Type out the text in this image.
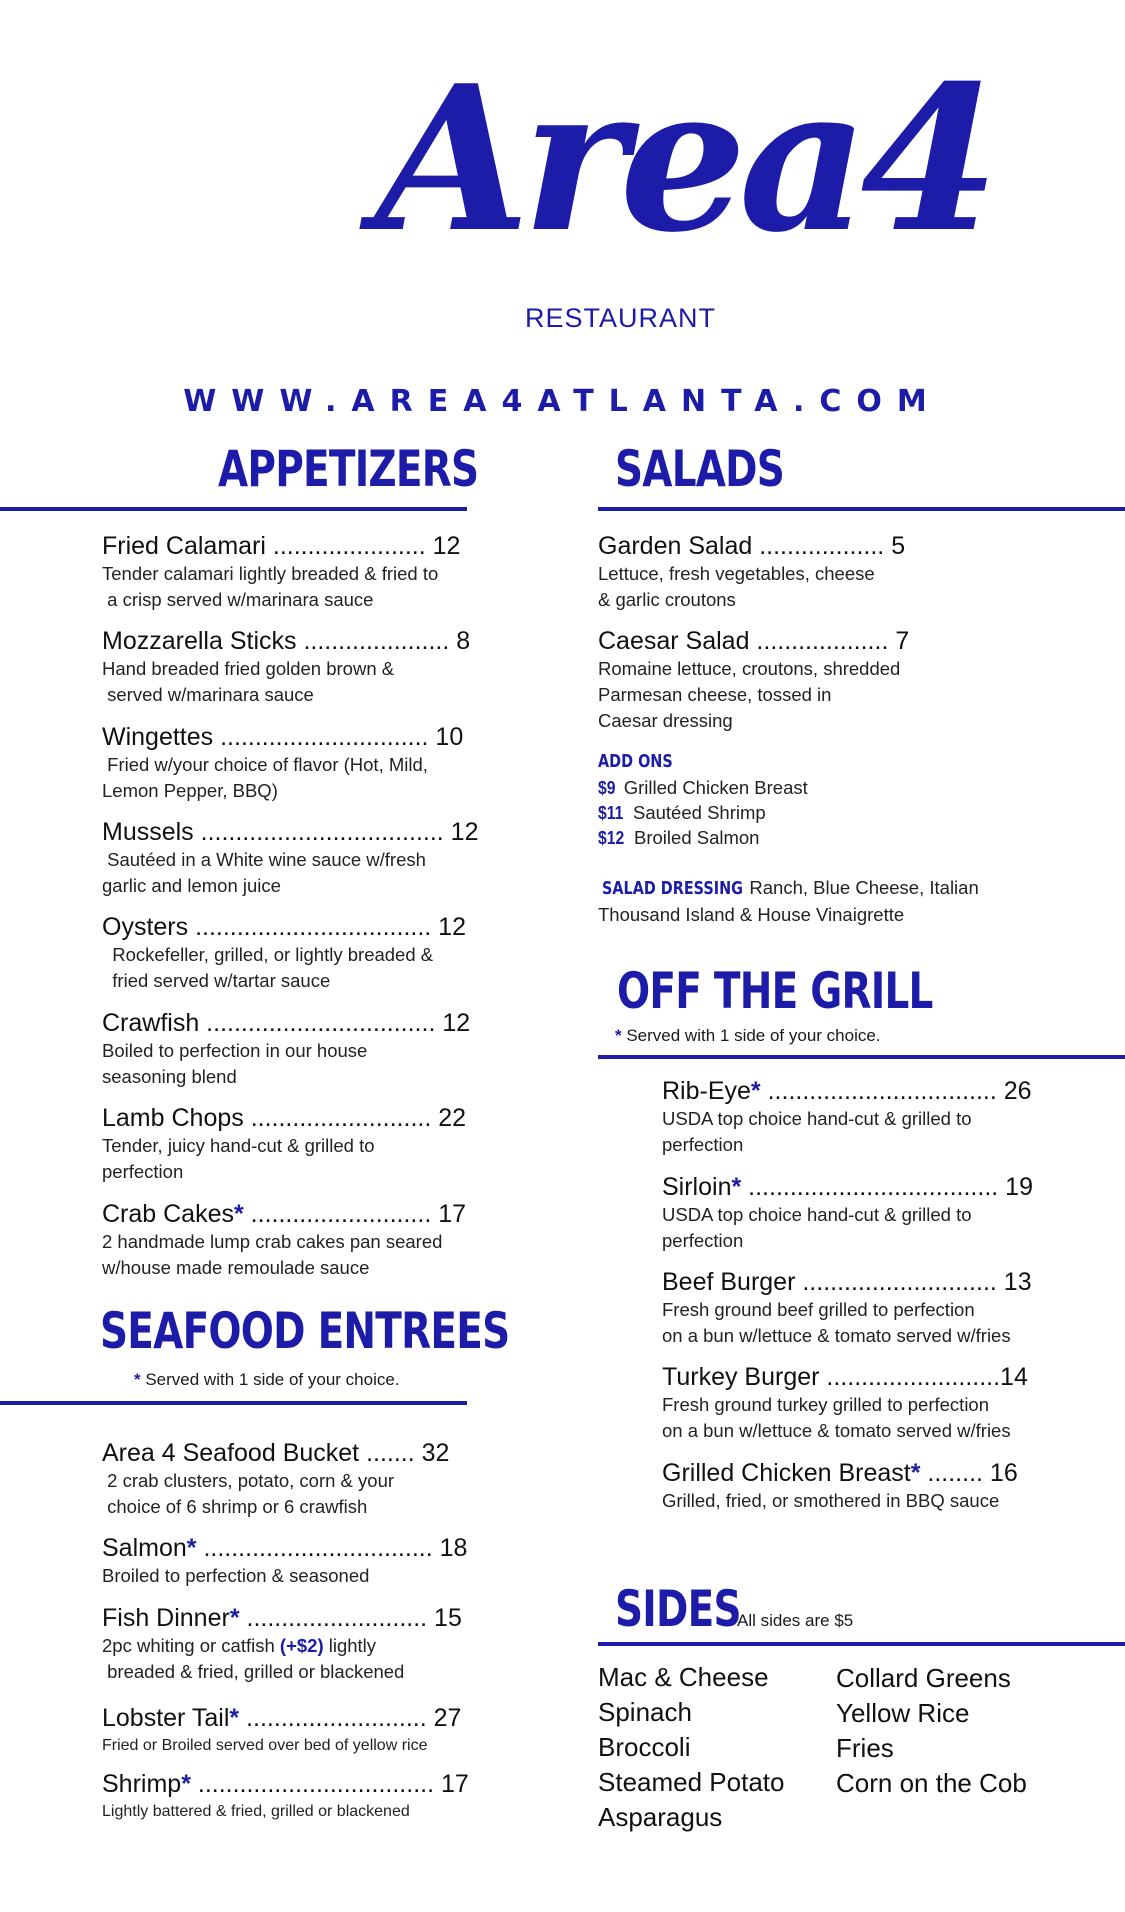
Area4
RESTAURANT
WWW.AREA4ATLANTA.COM
APPETIZERS
Fried Calamari ...................... 12
Tender calamari lightly breaded & fried to
a crisp served w/marinara sauce
Mozzarella Sticks ..................... 8
Hand breaded fried golden brown &
served w/marinara sauce
Wingettes .............................. 10
Fried w/your choice of flavor (Hot, Mild,
Lemon Pepper, BBQ)
Mussels ................................... 12
Sautéed in a White wine sauce w/fresh
garlic and lemon juice
Oysters .................................. 12
Rockefeller, grilled, or lightly breaded &
fried served w/tartar sauce
Crawfish ................................. 12
Boiled to perfection in our house
seasoning blend
Lamb Chops .......................... 22
Tender, juicy hand-cut & grilled to
perfection
Crab Cakes* .......................... 17
2 handmade lump crab cakes pan seared
w/house made remoulade sauce
SEAFOOD ENTREES
* Served with 1 side of your choice.
Area 4 Seafood Bucket ....... 32
2 crab clusters, potato, corn & your
choice of 6 shrimp or 6 crawfish
Salmon* ................................. 18
Broiled to perfection & seasoned
Fish Dinner* .......................... 15
2pc whiting or catfish (+$2) lightly
breaded & fried, grilled or blackened
Lobster Tail* .......................... 27
Fried or Broiled served over bed of yellow rice
Shrimp* .................................. 17
Lightly battered & fried, grilled or blackened
SALADS
Garden Salad .................. 5
Lettuce, fresh vegetables, cheese
& garlic croutons
Caesar Salad ................... 7
Romaine lettuce, croutons, shredded
Parmesan cheese, tossed in
Caesar dressing
ADD ONS
$9 Grilled Chicken Breast
$11 Sautéed Shrimp
$12 Broiled Salmon
SALAD DRESSING Ranch, Blue Cheese, Italian
Thousand Island & House Vinaigrette
OFF THE GRILL
* Served with 1 side of your choice.
Rib-Eye* ................................. 26
USDA top choice hand-cut & grilled to
perfection
Sirloin* .................................... 19
USDA top choice hand-cut & grilled to
perfection
Beef Burger ............................ 13
Fresh ground beef grilled to perfection
on a bun w/lettuce & tomato served w/fries
Turkey Burger .........................14
Fresh ground turkey grilled to perfection
on a bun w/lettuce & tomato served w/fries
Grilled Chicken Breast* ........ 16
Grilled, fried, or smothered in BBQ sauce
SIDES
All sides are $5
Mac & Cheese
Spinach
Broccoli
Steamed Potato
Asparagus
Collard Greens
Yellow Rice
Fries
Corn on the Cob
